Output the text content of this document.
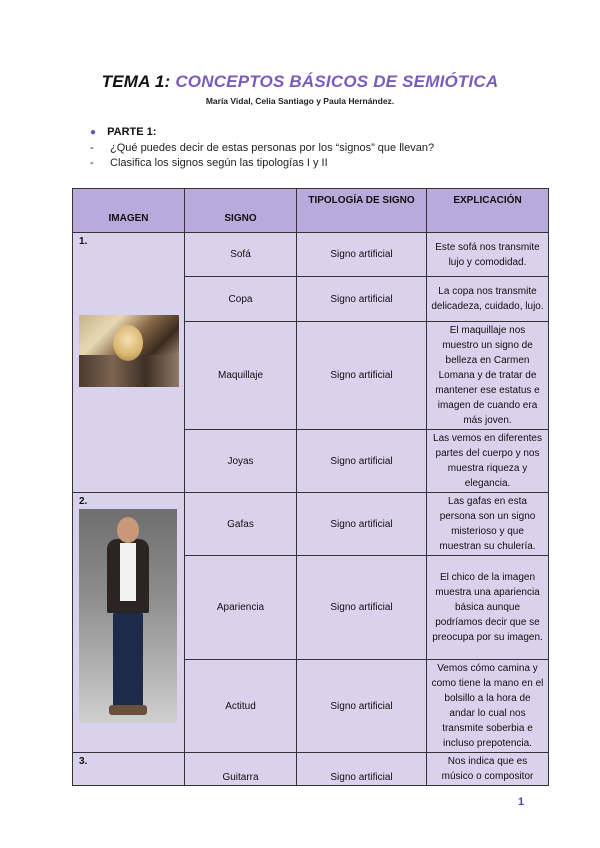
TEMA 1: CONCEPTOS BÁSICOS DE SEMIÓTICA
María Vidal, Celia Santiago y Paula Hernández.
● PARTE 1:
- ¿Qué puedes decir de estas personas por los “signos” que llevan?
- Clasifica los signos según las tipologías I y II
IMAGEN	SIGNO	TIPOLOGÍA DE SIGNO	EXPLICACIÓN
1.	Sofá	Signo artificial	Este sofá nos transmite lujo y comodidad.
	Copa	Signo artificial	La copa nos transmite delicadeza, cuidado, lujo.
	Maquillaje	Signo artificial	El maquillaje nos muestro un signo de belleza en Carmen Lomana y de tratar de mantener ese estatus e imagen de cuando era más joven.
	Joyas	Signo artificial	Las vemos en diferentes partes del cuerpo y nos muestra riqueza y elegancia.
2.	Gafas	Signo artificial	Las gafas en esta persona son un signo misterioso y que muestran su chulería.
	Apariencia	Signo artificial	El chico de la imagen muestra una apariencia básica aunque podríamos decir que se preocupa por su imagen.
	Actitud	Signo artificial	Vemos cómo camina y como tiene la mano en el bolsillo a la hora de andar lo cual nos transmite soberbia e incluso prepotencia.
3.	Guitarra	Signo artificial	Nos indica que es músico o compositor
1
